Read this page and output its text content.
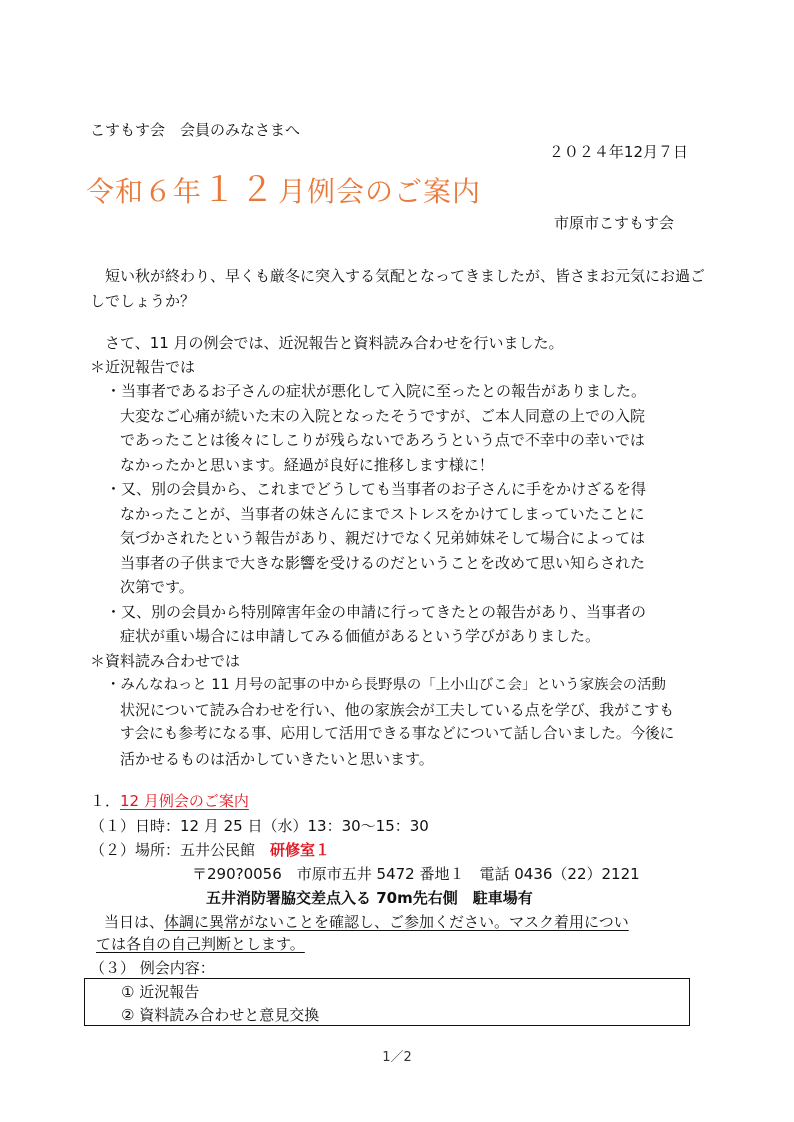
こすもす会　会員のみなさまへ
２０２４年12月７日
令和６年１２月例会のご案内
市原市こすもす会
短い秋が終わり、早くも厳冬に突入する気配となってきましたが、皆さまお元気にお過ごしでしょうか？
さて、11 月の例会では、近況報告と資料読み合わせを行いました。
＊近況報告では
・当事者であるお子さんの症状が悪化して入院に至ったとの報告がありました。
大変なご心痛が続いた末の入院となったそうですが、ご本人同意の上での入院
であったことは後々にしこりが残らないであろうという点で不幸中の幸いでは
なかったかと思います。経過が良好に推移します様に！
・又、別の会員から、これまでどうしても当事者のお子さんに手をかけざるを得
なかったことが、当事者の妹さんにまでストレスをかけてしまっていたことに
気づかされたという報告があり、親だけでなく兄弟姉妹そして場合によっては
当事者の子供まで大きな影響を受けるのだということを改めて思い知らされた
次第です。
・又、別の会員から特別障害年金の申請に行ってきたとの報告があり、当事者の
症状が重い場合には申請してみる価値があるという学びがありました。
＊資料読み合わせでは
・みんなねっと 11 月号の記事の中から長野県の「上小山びこ会」という家族会の活動
状況について読み合わせを行い、他の家族会が工夫している点を学び、我がこすも
す会にも参考になる事、応用して活用できる事などについて話し合いました。今後に
活かせるものは活かしていきたいと思います。
１．12 月例会のご案内
（１）日時：12 月 25 日（水）13：30〜15：30
（２）場所：五井公民館　研修室１
〒290?0056　市原市五井 5472 番地１　電話 0436（22）2121
五井消防署脇交差点入る 70m先右側　駐車場有
当日は、体調に異常がないことを確認し、ご参加ください。マスク着用につい
ては各自の自己判断とします。
（３） 例会内容：
① 近況報告
② 資料読み合わせと意見交換
1／2
